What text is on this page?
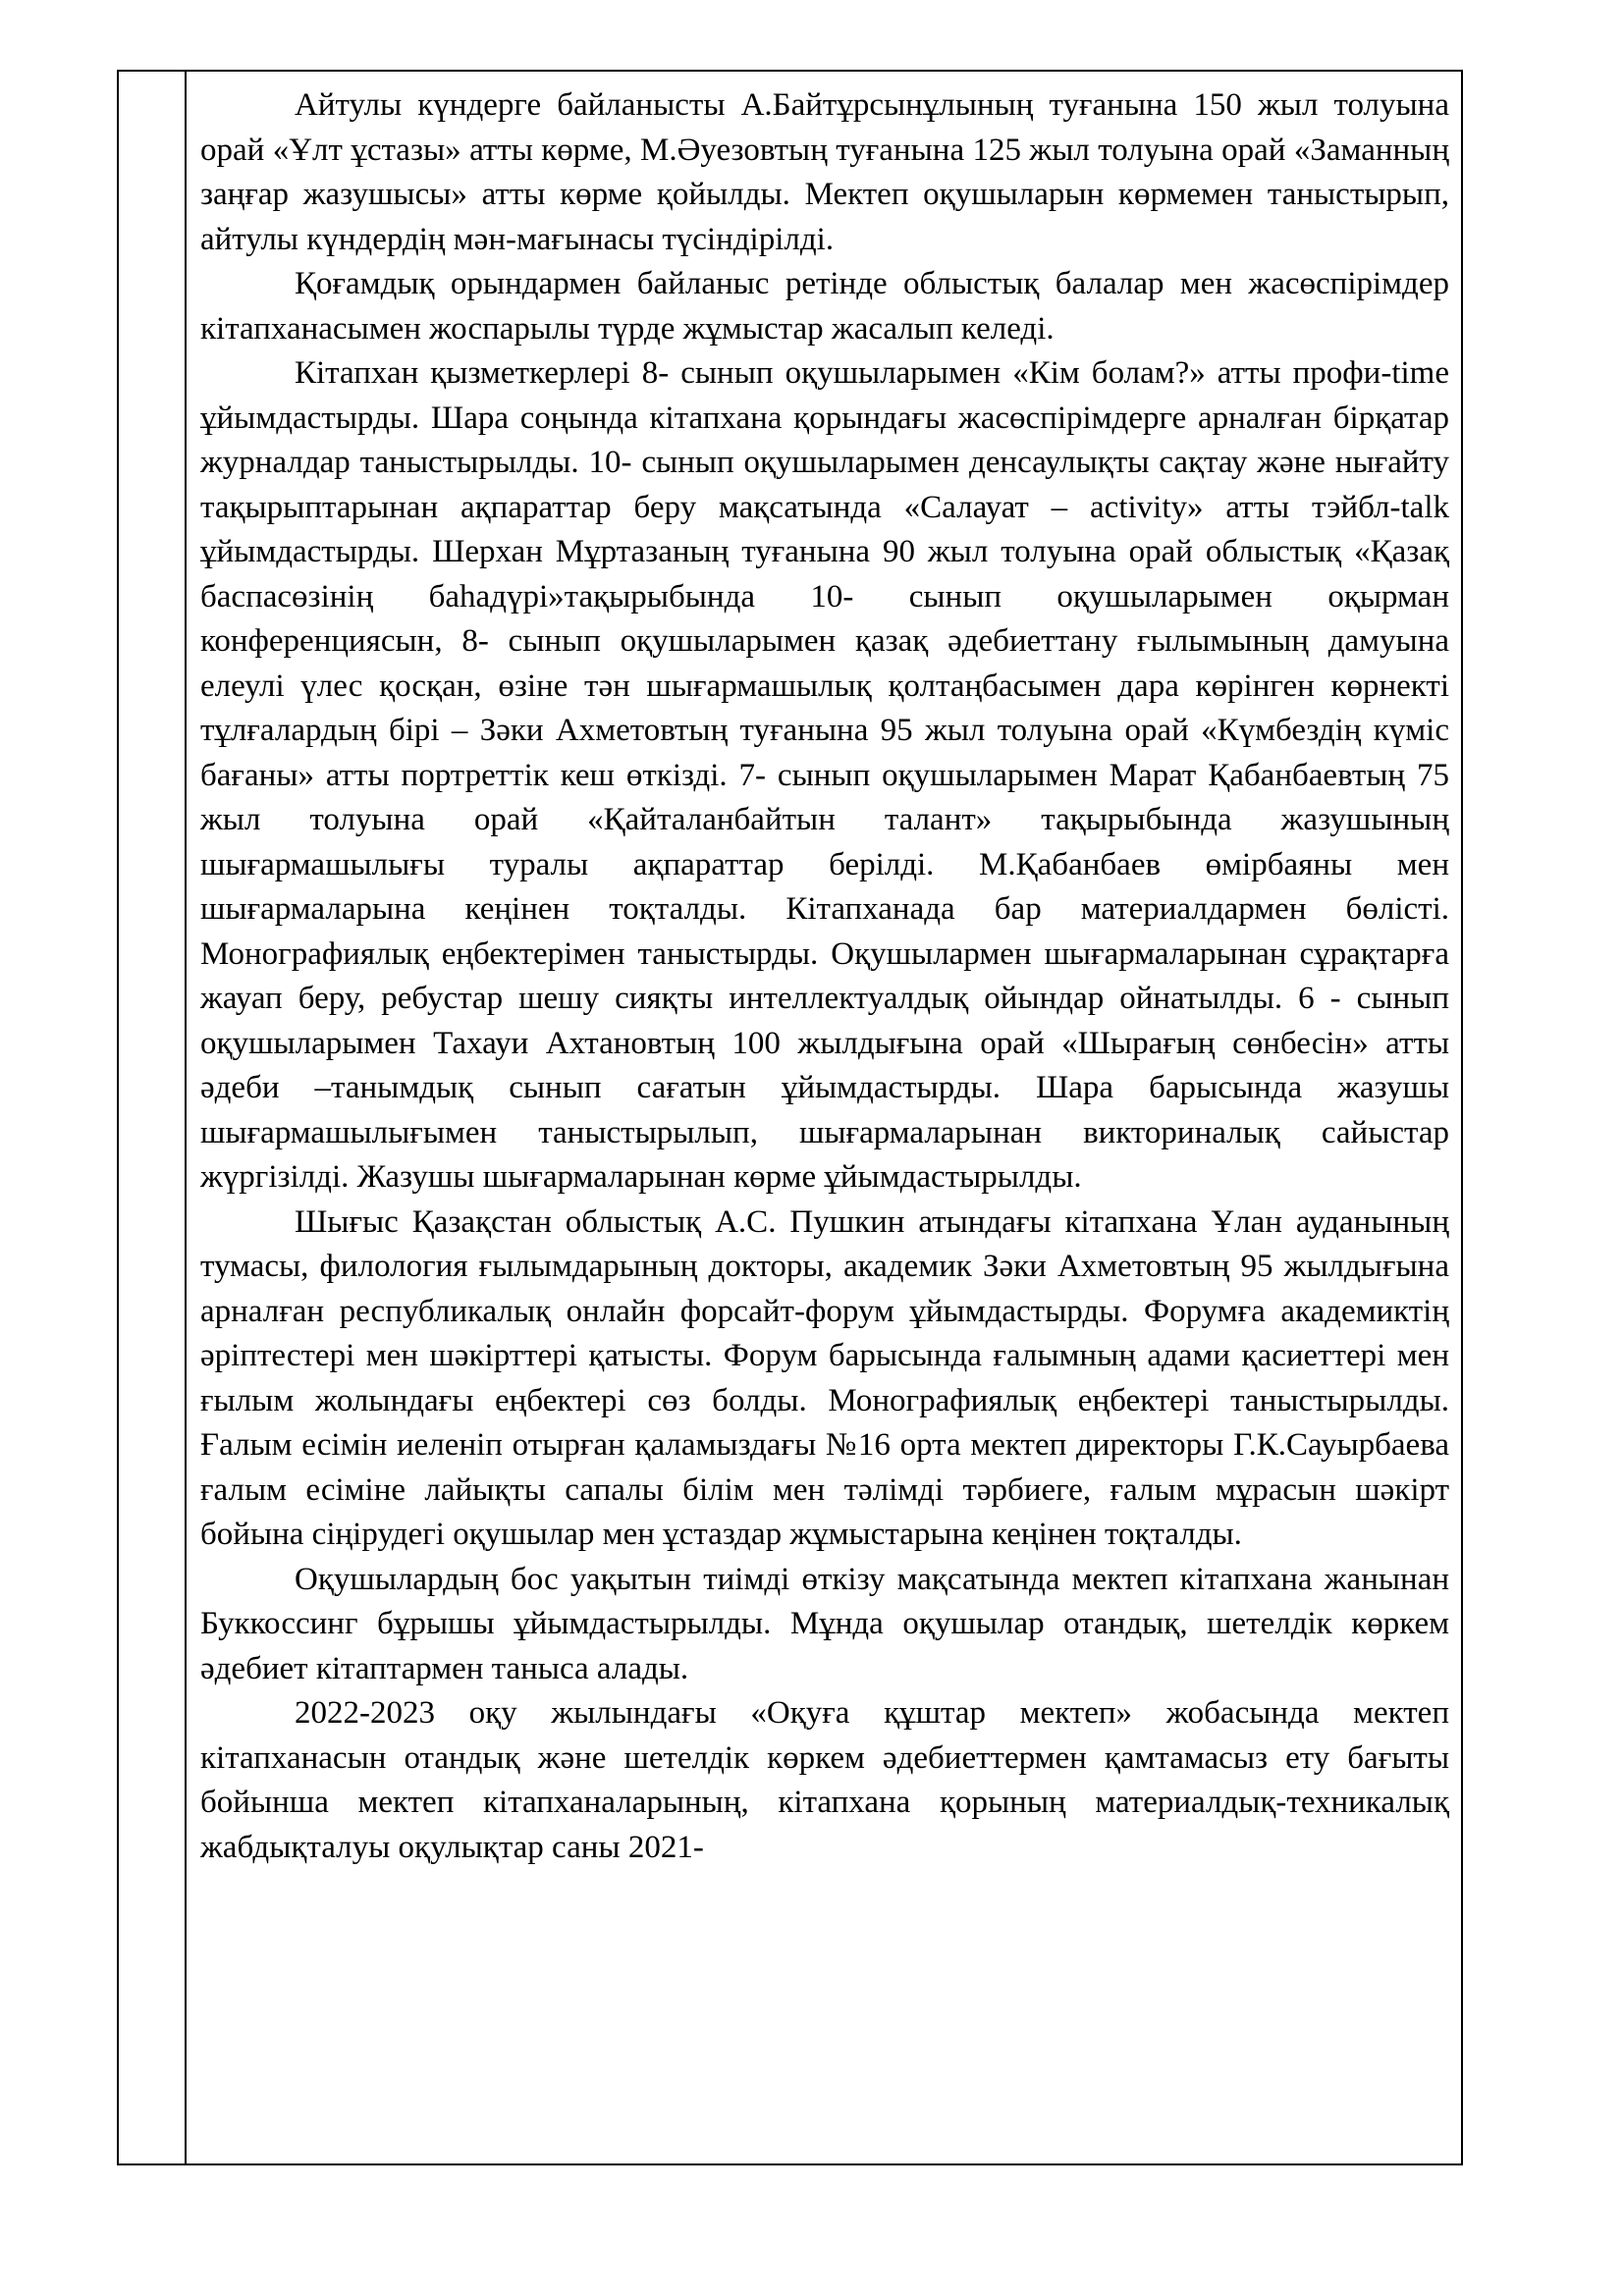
Айтулы күндерге байланысты А.Байтұрсынұлының туғанына 150 жыл толуына орай «Ұлт ұстазы» атты көрме, М.Әуезовтың туғанына 125 жыл толуына орай «Заманның заңғар жазушысы» атты көрме қойылды. Мектеп оқушыларын көрмемен таныстырып, айтулы күндердің мән-мағынасы түсіндірілді.

Қоғамдық орындармен байланыс ретінде облыстық балалар мен жасөспірімдер кітапханасымен жоспарылы түрде жұмыстар жасалып келеді.

Кітапхан қызметкерлері 8- сынып оқушыларымен «Кім болам?» атты профи-time ұйымдастырды. Шара соңында кітапхана қорындағы жасөспірімдерге арналған бірқатар журналдар таныстырылды. 10- сынып оқушыларымен денсаулықты сақтау және нығайту тақырыптарынан ақпараттар беру мақсатында «Салауат – activity» атты тэйбл-talk ұйымдастырды. Шерхан Мұртазаның туғанына 90 жыл толуына орай облыстық «Қазақ баспасөзінің баһадүрі»тақырыбында 10- сынып оқушыларымен оқырман конференциясын, 8- сынып оқушыларымен қазақ әдебиеттану ғылымының дамуына елеулі үлес қосқан, өзіне тән шығармашылық қолтаңбасымен дара көрінген көрнекті тұлғалардың бірі – Зәки Ахметовтың туғанына 95 жыл толуына орай «Күмбездің күміс бағаны» атты портреттік кеш өткізді. 7- сынып оқушыларымен Марат Қабанбаевтың 75 жыл толуына орай «Қайталанбайтын талант» тақырыбында жазушының шығармашылығы туралы ақпараттар берілді. М.Қабанбаев өмірбаяны мен шығармаларына кеңінен тоқталды. Кітапханада бар материалдармен бөлісті. Монографиялық еңбектерімен таныстырды. Оқушылармен шығармаларынан сұрақтарға жауап беру, ребустар шешу сияқты интеллектуалдық ойындар ойнатылды. 6 - сынып оқушыларымен Тахауи Ахтановтың 100 жылдығына орай «Шырағың сөнбесін» атты әдеби –танымдық сынып сағатын ұйымдастырды. Шара барысында жазушы шығармашылығымен таныстырылып, шығармаларынан викториналық сайыстар жүргізілді. Жазушы шығармаларынан көрме ұйымдастырылды.

Шығыс Қазақстан облыстық А.С. Пушкин атындағы кітапхана Ұлан ауданының тумасы, филология ғылымдарының докторы, академик Зәки Ахметовтың 95 жылдығына арналған республикалық онлайн форсайт-форум ұйымдастырды. Форумға академиктің әріптестері мен шәкірттері қатысты. Форум барысында ғалымның адами қасиеттері мен ғылым жолындағы еңбектері сөз болды. Монографиялық еңбектері таныстырылды. Ғалым есімін иеленіп отырған қаламыздағы №16 орта мектеп директоры Г.К.Сауырбаева ғалым есіміне лайықты сапалы білім мен тәлімді тәрбиеге, ғалым мұрасын шәкірт бойына сіңірудегі оқушылар мен ұстаздар жұмыстарына кеңінен тоқталды.

Оқушылардың бос уақытын тиімді өткізу мақсатында мектеп кітапхана жанынан Буккоссинг бұрышы ұйымдастырылды. Мұнда оқушылар отандық, шетелдік көркем әдебиет кітаптармен таныса алады.

2022-2023 оқу жылындағы «Оқуға құштар мектеп» жобасында мектеп кітапханасын отандық және шетелдік көркем әдебиеттермен қамтамасыз ету бағыты бойынша мектеп кітапханаларының, кітапхана қорының материалдық-техникалық жабдықталуы оқулықтар саны 2021-
